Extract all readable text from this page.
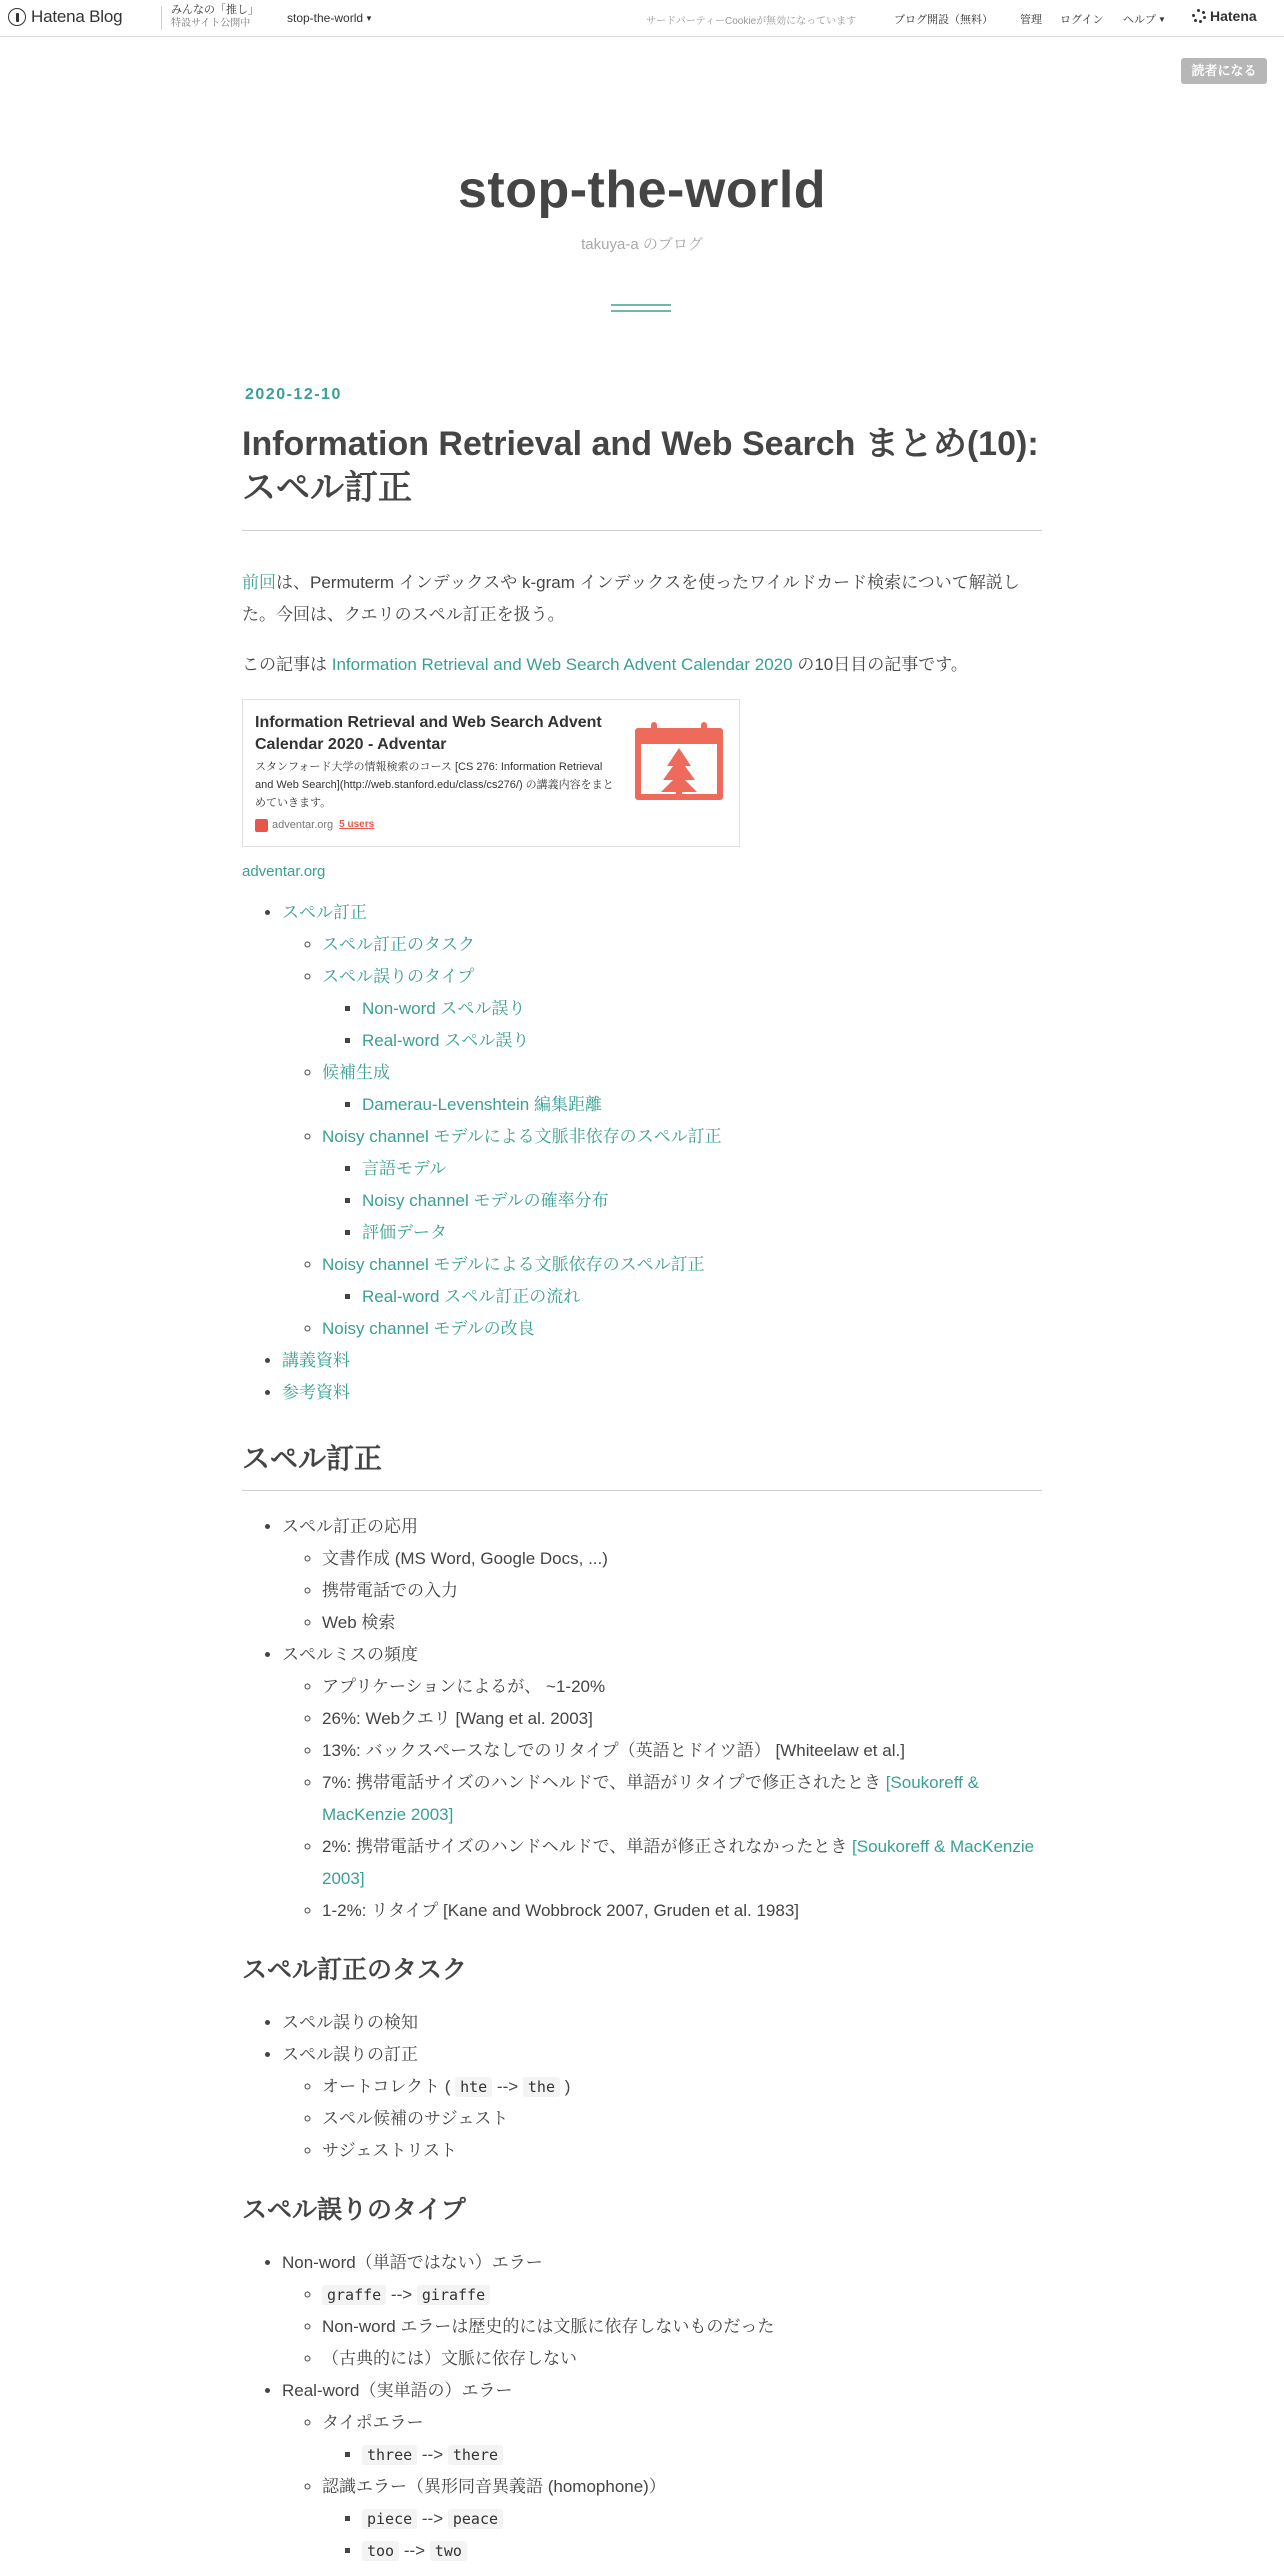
Hatena Blog	みんなの「推し」
特設サイト公開中	stop-the-world ▼	サードパーティーCookieが無効になっています	ブログ開設（無料） 管理 ログイン ヘルプ ▼	Hatena
読者になる
stop-the-world
takuya-a のブログ
2020-12-10
Information Retrieval and Web Search まとめ(10): スペル訂正

前回は、Permuterm インデックスや k-gram インデックスを使ったワイルドカード検索について解説した。今回は、クエリのスペル訂正を扱う。

この記事は Information Retrieval and Web Search Advent Calendar 2020 の10日目の記事です。

Information Retrieval and Web Search Advent Calendar 2020 - Adventar
スタンフォード大学の情報検索のコース [CS 276: Information Retrieval and Web Search](http://web.stanford.edu/class/cs276/) の講義内容をまとめていきます。
adventar.org 5 users
adventar.org
• スペル訂正
◦ スペル訂正のタスク
◦ スペル誤りのタイプ
▪ Non-word スペル誤り
▪ Real-word スペル誤り
◦ 候補生成
▪ Damerau-Levenshtein 編集距離
◦ Noisy channel モデルによる文脈非依存のスペル訂正
▪ 言語モデル
▪ Noisy channel モデルの確率分布
▪ 評価データ
◦ Noisy channel モデルによる文脈依存のスペル訂正
▪ Real-word スペル訂正の流れ
◦ Noisy channel モデルの改良
• 講義資料
• 参考資料
スペル訂正
• スペル訂正の応用
◦ 文書作成 (MS Word, Google Docs, ...)
◦ 携帯電話での入力
◦ Web 検索
• スペルミスの頻度
◦ アプリケーションによるが、 ~1-20%
◦ 26%: Webクエリ [Wang et al. 2003]
◦ 13%: バックスペースなしでのリタイプ（英語とドイツ語） [Whiteelaw et al.]
◦ 7%: 携帯電話サイズのハンドヘルドで、単語がリタイプで修正されたとき [Soukoreff & MacKenzie 2003]
◦ 2%: 携帯電話サイズのハンドヘルドで、単語が修正されなかったとき [Soukoreff & MacKenzie 2003]
◦ 1-2%: リタイプ [Kane and Wobbrock 2007, Gruden et al. 1983]
スペル訂正のタスク
• スペル誤りの検知
• スペル誤りの訂正
◦ オートコレクト ( hte --> the )
◦ スペル候補のサジェスト
◦ サジェストリスト
スペル誤りのタイプ
• Non-word（単語ではない）エラー
◦ graffe --> giraffe
◦ Non-word エラーは歴史的には文脈に依存しないものだった
◦ （古典的には）文脈に依存しない
• Real-word（実単語の）エラー
◦ タイポエラー
▪ three --> there
◦ 認識エラー（異形同音異義語 (homophone)）
▪ piece --> peace
▪ too --> two
